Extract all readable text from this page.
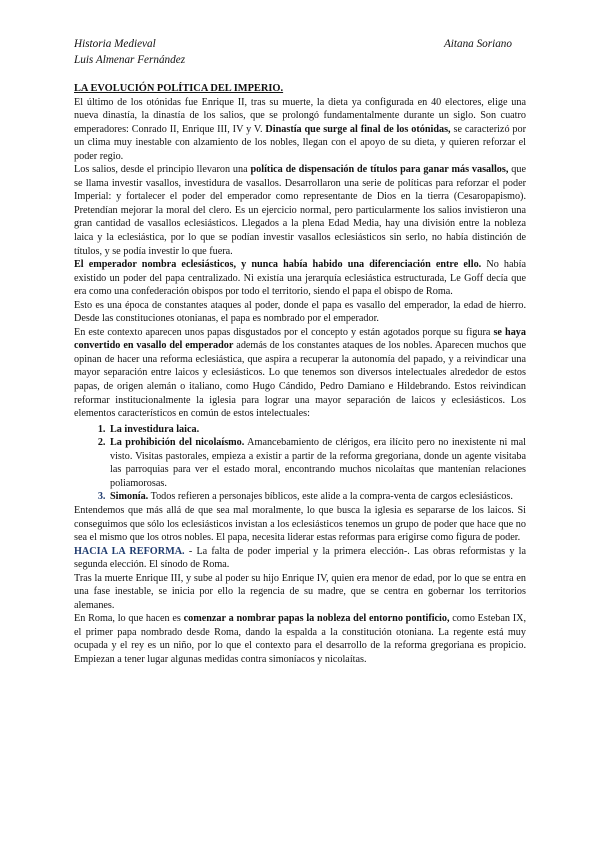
Historia Medieval	Aitana Soriano
Luis Almenar Fernández

LA EVOLUCIÓN POLÍTICA DEL IMPERIO.

El último de los otónidas fue Enrique II, tras su muerte, la dieta ya configurada en 40 electores, elige una nueva dinastía, la dinastía de los salios, que se prolongó fundamentalmente durante un siglo. Son cuatro emperadores: Conrado II, Enrique III, IV y V. Dinastía que surge al final de los otónidas, se caracterizó por un clima muy inestable con alzamiento de los nobles, llegan con el apoyo de su dieta, y quieren reforzar el poder regio.

Los salios, desde el principio llevaron una política de dispensación de títulos para ganar más vasallos, que se llama investir vasallos, investidura de vasallos. Desarrollaron una serie de políticas para reforzar el poder Imperial: y fortalecer el poder del emperador como representante de Dios en la tierra (Cesaropapismo). Pretendían mejorar la moral del clero. Es un ejercicio normal, pero particularmente los salios invistieron una gran cantidad de vasallos eclesiásticos. Llegados a la plena Edad Media, hay una división entre la nobleza laica y la eclesiástica, por lo que se podían investir vasallos eclesiásticos sin serlo, no había distinción de títulos, y se podía investir lo que fuera.

El emperador nombra eclesiásticos, y nunca había habido una diferenciación entre ello. No había existido un poder del papa centralizado. Ni existía una jerarquía eclesiástica estructurada, Le Goff decía que era como una confederación obispos por todo el territorio, siendo el papa el obispo de Roma.

Esto es una época de constantes ataques al poder, donde el papa es vasallo del emperador, la edad de hierro. Desde las constituciones otonianas, el papa es nombrado por el emperador.

En este contexto aparecen unos papas disgustados por el concepto y están agotados porque su figura se haya convertido en vasallo del emperador además de los constantes ataques de los nobles. Aparecen muchos que opinan de hacer una reforma eclesiástica, que aspira a recuperar la autonomía del papado, y a reivindicar una mayor separación entre laicos y eclesiásticos. Lo que tenemos son diversos intelectuales alrededor de estos papas, de origen alemán o italiano, como Hugo Cándido, Pedro Damiano e Hildebrando. Estos reivindican reformar institucionalmente la iglesia para lograr una mayor separación de laicos y eclesiásticos. Los elementos característicos en común de estos intelectuales:

1. La investidura laica.
2. La prohibición del nicolaísmo. Amancebamiento de clérigos, era ilícito pero no inexistente ni mal visto. Visitas pastorales, empieza a existir a partir de la reforma gregoriana, donde un agente visitaba las parroquias para ver el estado moral, encontrando muchos nicolaítas que mantenían relaciones poliamorosas.
3. Simonía. Todos refieren a personajes bíblicos, este alide a la compra-venta de cargos eclesiásticos.

Entendemos que más allá de que sea mal moralmente, lo que busca la iglesia es separarse de los laicos. Si conseguimos que sólo los eclesiásticos invistan a los eclesiásticos tenemos un grupo de poder que hace que no sea el mismo que los otros nobles. El papa, necesita liderar estas reformas para erigirse como figura de poder.

HACIA LA REFORMA. - La falta de poder imperial y la primera elección-. Las obras reformistas y la segunda elección. El sínodo de Roma.

Tras la muerte Enrique III, y sube al poder su hijo Enrique IV, quien era menor de edad, por lo que se entra en una fase inestable, se inicia por ello la regencia de su madre, que se centra en gobernar los territorios alemanes.

En Roma, lo que hacen es comenzar a nombrar papas la nobleza del entorno pontificio, como Esteban IX, el primer papa nombrado desde Roma, dando la espalda a la constitución otoniana. La regente está muy ocupada y el rey es un niño, por lo que el contexto para el desarrollo de la reforma gregoriana es propicio. Empiezan a tener lugar algunas medidas contra simoníacos y nicolaítas.
